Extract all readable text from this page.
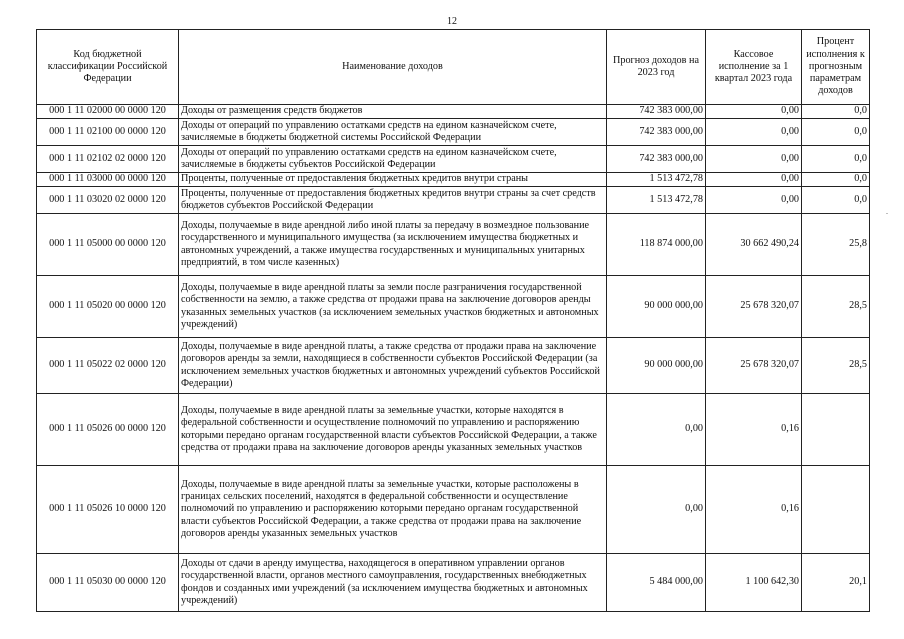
12
.
Код бюджетной классификации Российской Федерации	Наименование доходов	Прогноз доходов на 2023 год	Кассовое исполнение за 1 квартал 2023 года	Процент исполнения к прогнозным параметрам доходов
000 1 11 02000 00 0000 120	Доходы от размещения средств бюджетов	742 383 000,00	0,00	0,0
000 1 11 02100 00 0000 120	Доходы от операций по управлению остатками средств на едином казначейском счете, зачисляемые в бюджеты бюджетной системы Российской Федерации	742 383 000,00	0,00	0,0
000 1 11 02102 02 0000 120	Доходы от операций по управлению остатками средств на едином казначейском счете, зачисляемые в бюджеты субъектов Российской Федерации	742 383 000,00	0,00	0,0
000 1 11 03000 00 0000 120	Проценты, полученные от предоставления бюджетных кредитов внутри страны	1 513 472,78	0,00	0,0
000 1 11 03020 02 0000 120	Проценты, полученные от предоставления бюджетных кредитов внутри страны за счет средств бюджетов субъектов Российской Федерации	1 513 472,78	0,00	0,0
000 1 11 05000 00 0000 120	Доходы, получаемые в виде арендной либо иной платы за передачу в возмездное пользование государственного и муниципального имущества (за исключением имущества бюджетных и автономных учреждений, а также имущества государственных и муниципальных унитарных предприятий, в том числе казенных)	118 874 000,00	30 662 490,24	25,8
000 1 11 05020 00 0000 120	Доходы, получаемые в виде арендной платы за земли после разграничения государственной собственности на землю, а также средства от продажи права на заключение договоров аренды указанных земельных участков (за исключением земельных участков бюджетных и автономных учреждений)	90 000 000,00	25 678 320,07	28,5
000 1 11 05022 02 0000 120	Доходы, получаемые в виде арендной платы, а также средства от продажи права на заключение договоров аренды за земли, находящиеся в собственности субъектов Российской Федерации (за исключением земельных участков бюджетных и автономных учреждений субъектов Российской Федерации)	90 000 000,00	25 678 320,07	28,5
000 1 11 05026 00 0000 120	Доходы, получаемые в виде арендной платы за земельные участки, которые находятся в федеральной собственности и осуществление полномочий по управлению и распоряжению которыми передано органам государственной власти субъектов Российской Федерации, а также средства от продажи права на заключение договоров аренды указанных земельных участков	0,00	0,16	
000 1 11 05026 10 0000 120	Доходы, получаемые в виде арендной платы за земельные участки, которые расположены в границах сельских поселений, находятся в федеральной собственности и осуществление полномочий по управлению и распоряжению которыми передано органам государственной власти субъектов Российской Федерации, а также средства от продажи права на заключение договоров аренды указанных земельных участков	0,00	0,16	
000 1 11 05030 00 0000 120	Доходы от сдачи в аренду имущества, находящегося в оперативном управлении органов государственной власти, органов местного самоуправления, государственных внебюджетных фондов и созданных ими учреждений (за исключением имущества бюджетных и автономных учреждений)	5 484 000,00	1 100 642,30	20,1
